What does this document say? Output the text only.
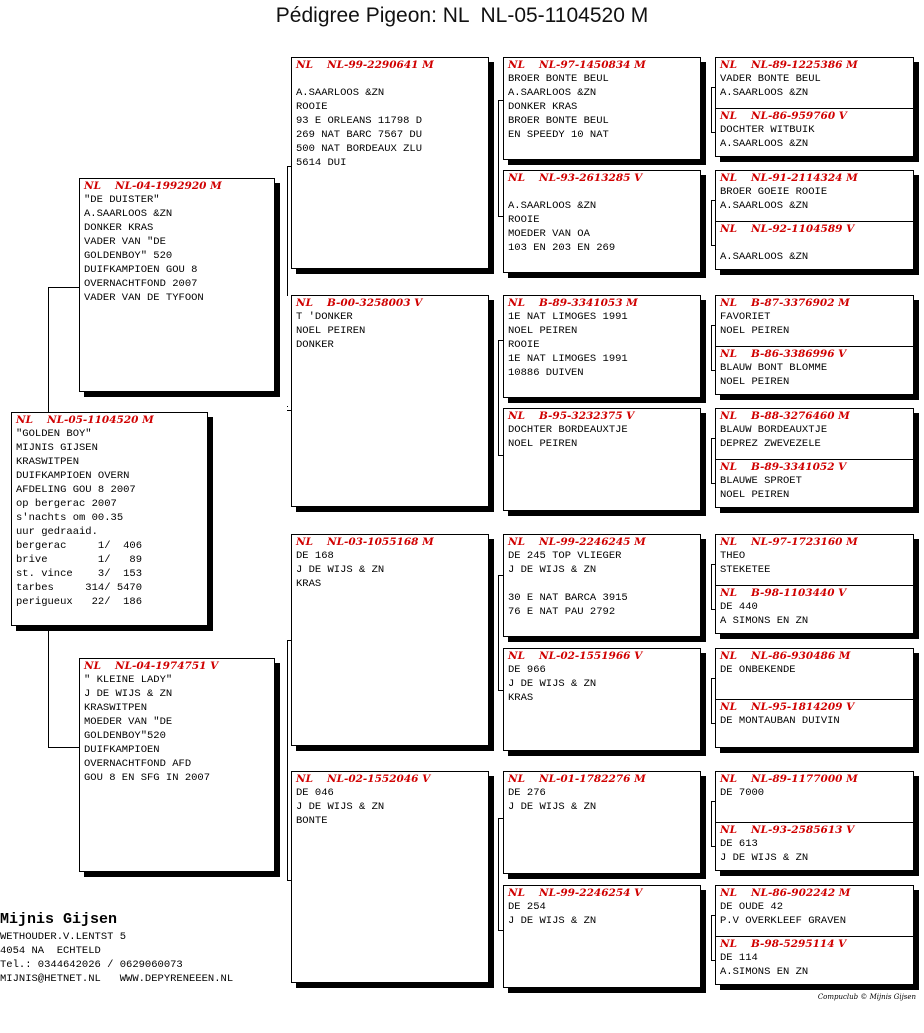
Pédigree Pigeon: NL  NL-05-1104520 M
NL NL-05-1104520 M
"GOLDEN BOY"
MIJNIS GIJSEN
KRASWITPEN
DUIFKAMPIOEN OVERN
AFDELING GOU 8 2007
op bergerac 2007
s'nachts om 00.35
uur gedraaid.
bergerac     1/  406
brive        1/   89
st. vince    3/  153
tarbes     314/ 5470
perigueux   22/  186
NL NL-04-1992920 M
"DE DUISTER"
A.SAARLOOS &ZN
DONKER KRAS
VADER VAN "DE
GOLDENBOY" 520
DUIFKAMPIOEN GOU 8
OVERNACHTFOND 2007
VADER VAN DE TYFOON
NL NL-04-1974751 V
" KLEINE LADY"
J DE WIJS & ZN
KRASWITPEN
MOEDER VAN "DE
GOLDENBOY"520
DUIFKAMPIOEN
OVERNACHTFOND AFD
GOU 8 EN SFG IN 2007
NL NL-99-2290641 M
A.SAARLOOS &ZN
ROOIE
93 E ORLEANS 11798 D
269 NAT BARC 7567 DU
500 NAT BORDEAUX ZLU
5614 DUI
NL B-00-3258003 V
T 'DONKER
NOEL PEIREN
DONKER
NL NL-03-1055168 M
DE 168
J DE WIJS & ZN
KRAS
NL NL-02-1552046 V
DE 046
J DE WIJS & ZN
BONTE
NL NL-97-1450834 M
BROER BONTE BEUL
A.SAARLOOS &ZN
DONKER KRAS
BROER BONTE BEUL
EN SPEEDY 10 NAT
NL NL-93-2613285 V
A.SAARLOOS &ZN
ROOIE
MOEDER VAN OA
103 EN 203 EN 269
NL B-89-3341053 M
1E NAT LIMOGES 1991
NOEL PEIREN
ROOIE
1E NAT LIMOGES 1991
10886 DUIVEN
NL B-95-3232375 V
DOCHTER BORDEAUXTJE
NOEL PEIREN
NL NL-99-2246245 M
DE 245 TOP VLIEGER
J DE WIJS & ZN
30 E NAT BARCA 3915
76 E NAT PAU 2792
NL NL-02-1551966 V
DE 966
J DE WIJS & ZN
KRAS
NL NL-01-1782276 M
DE 276
J DE WIJS & ZN
NL NL-99-2246254 V
DE 254
J DE WIJS & ZN
NL NL-89-1225386 M
VADER BONTE BEUL
A.SAARLOOS &ZN
NL NL-86-959760 V
DOCHTER WITBUIK
A.SAARLOOS &ZN
NL NL-91-2114324 M
BROER GOEIE ROOIE
A.SAARLOOS &ZN
NL NL-92-1104589 V
A.SAARLOOS &ZN
NL B-87-3376902 M
FAVORIET
NOEL PEIREN
NL B-86-3386996 V
BLAUW BONT BLOMME
NOEL PEIREN
NL B-88-3276460 M
BLAUW BORDEAUXTJE
DEPREZ ZWEVEZELE
NL B-89-3341052 V
BLAUWE SPROET
NOEL PEIREN
NL NL-97-1723160 M
THEO
STEKETEE
NL B-98-1103440 V
DE 440
A SIMONS EN ZN
NL NL-86-930486 M
DE ONBEKENDE
NL NL-95-1814209 V
DE MONTAUBAN DUIVIN
NL NL-89-1177000 M
DE 7000
NL NL-93-2585613 V
DE 613
J DE WIJS & ZN
NL NL-86-902242 M
DE OUDE 42
P.V OVERKLEEF GRAVEN
NL B-98-5295114 V
DE 114
A.SIMONS EN ZN
Mijnis Gijsen
WETHOUDER.V.LENTST 5
4054 NA  ECHTELD
Tel.: 0344642026 / 0629060073
MIJNIS@HETNET.NL   WWW.DEPYRENEEEN.NL
Compuclub © Mijnis Gijsen
